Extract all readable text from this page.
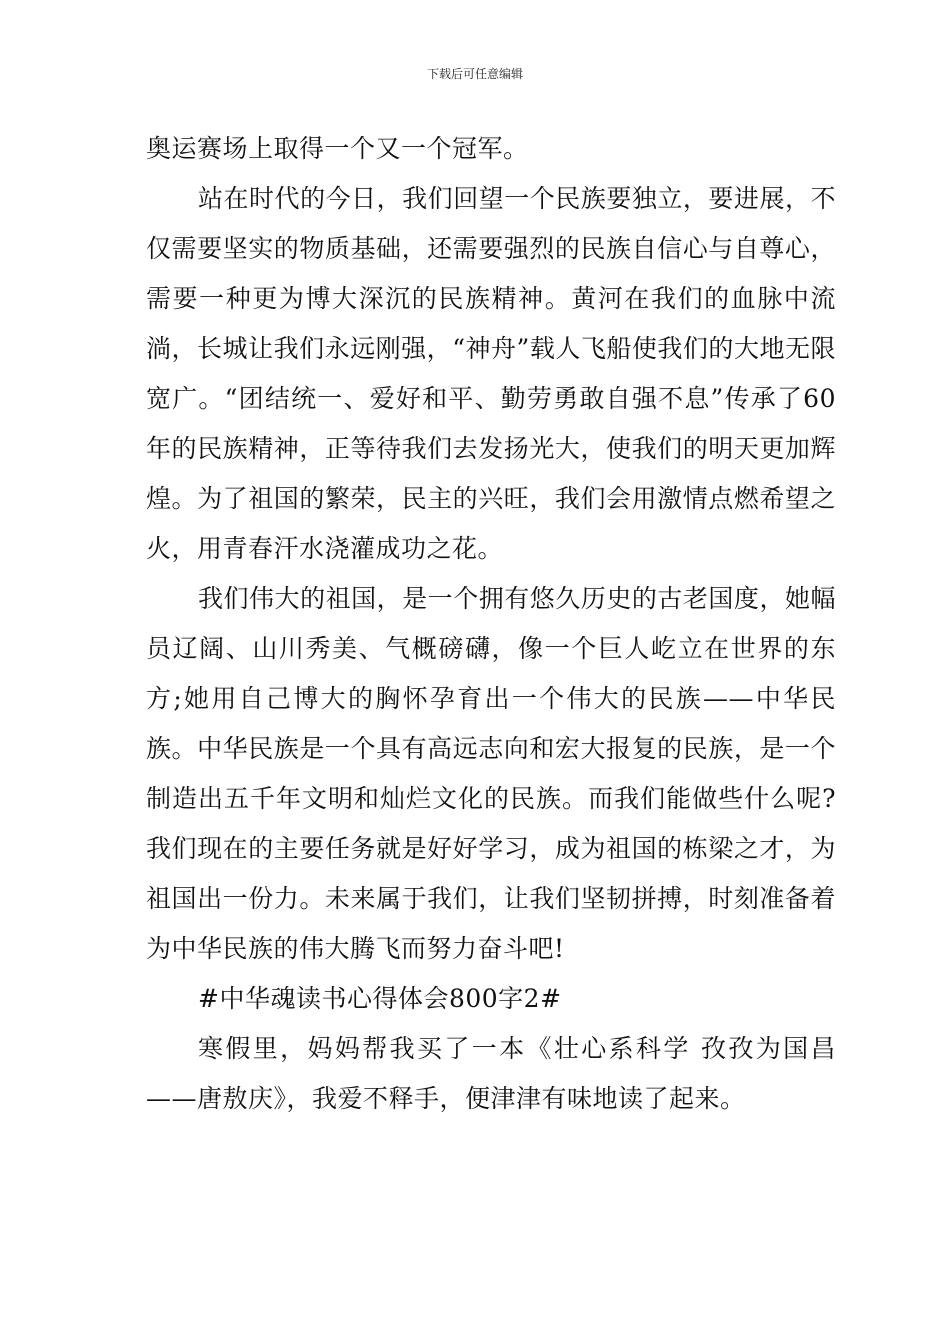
下载后可任意编辑

奥运赛场上取得一个又一个冠军。

站在时代的今日，我们回望一个民族要独立，要进展，不仅需要坚实的物质基础，还需要强烈的民族自信心与自尊心，需要一种更为博大深沉的民族精神。黄河在我们的血脉中流淌，长城让我们永远刚强，“神舟”载人飞船使我们的大地无限宽广。“团结统一、爱好和平、勤劳勇敢自强不息”传承了60年的民族精神，正等待我们去发扬光大，使我们的明天更加辉煌。为了祖国的繁荣，民主的兴旺，我们会用激情点燃希望之火，用青春汗水浇灌成功之花。

我们伟大的祖国，是一个拥有悠久历史的古老国度，她幅员辽阔、山川秀美、气概磅礴，像一个巨人屹立在世界的东方;她用自己博大的胸怀孕育出一个伟大的民族——中华民族。中华民族是一个具有高远志向和宏大报复的民族，是一个制造出五千年文明和灿烂文化的民族。而我们能做些什么呢?我们现在的主要任务就是好好学习，成为祖国的栋梁之才，为祖国出一份力。未来属于我们，让我们坚韧拼搏，时刻准备着为中华民族的伟大腾飞而努力奋斗吧!

#中华魂读书心得体会800字2#

寒假里，妈妈帮我买了一本《壮心系科学 孜孜为国昌——唐敖庆》，我爱不释手，便津津有味地读了起来。
